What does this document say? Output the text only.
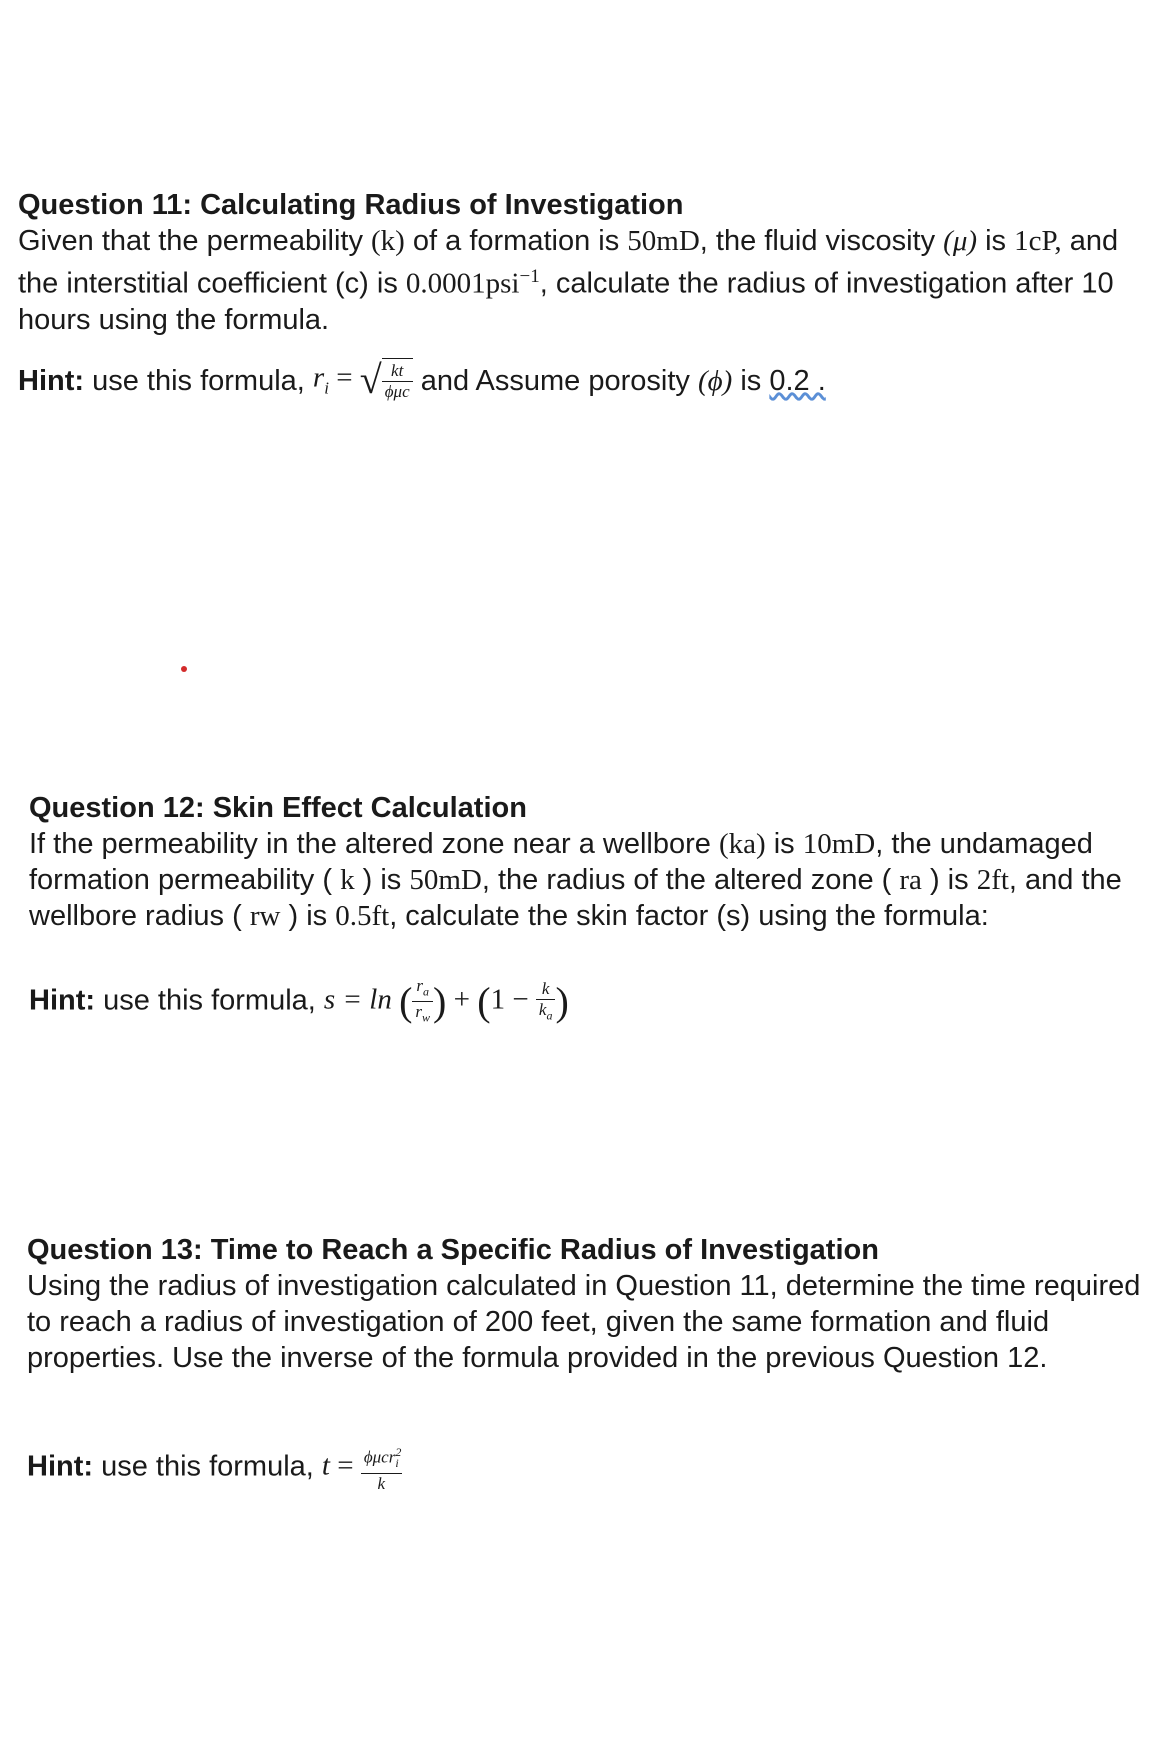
Question 11: Calculating Radius of Investigation
Given that the permeability (k) of a formation is 50mD, the fluid viscosity (μ) is 1cP, and the interstitial coefficient (c) is 0.0001psi$^{-1}$, calculate the radius of investigation after 10 hours using the formula.
Hint: use this formula, $r_i$ = √ $\frac{kt}{\text{ϕμc}}$ and Assume porosity (ϕ) is 0.2 .
Question 12: Skin Effect Calculation
If the permeability in the altered zone near a wellbore (ka) is 10mD, the undamaged formation permeability ( k ) is 50mD, the radius of the altered zone ( ra ) is 2ft, and the wellbore radius ( rw ) is 0.5ft, calculate the skin factor (s) using the formula:
Hint: use this formula, s = ln ( $\frac{r_a}{r_w}$ ) + ($1 - \frac{k}{k_a}$ )
Question 13: Time to Reach a Specific Radius of Investigation
Using the radius of investigation calculated in Question 11, determine the time required to reach a radius of investigation of 200 feet, given the same formation and fluid properties. Use the inverse of the formula provided in the previous Question 12.
Hint: use this formula, $t = \frac{\phi\mu cr^2_i}{k}$
